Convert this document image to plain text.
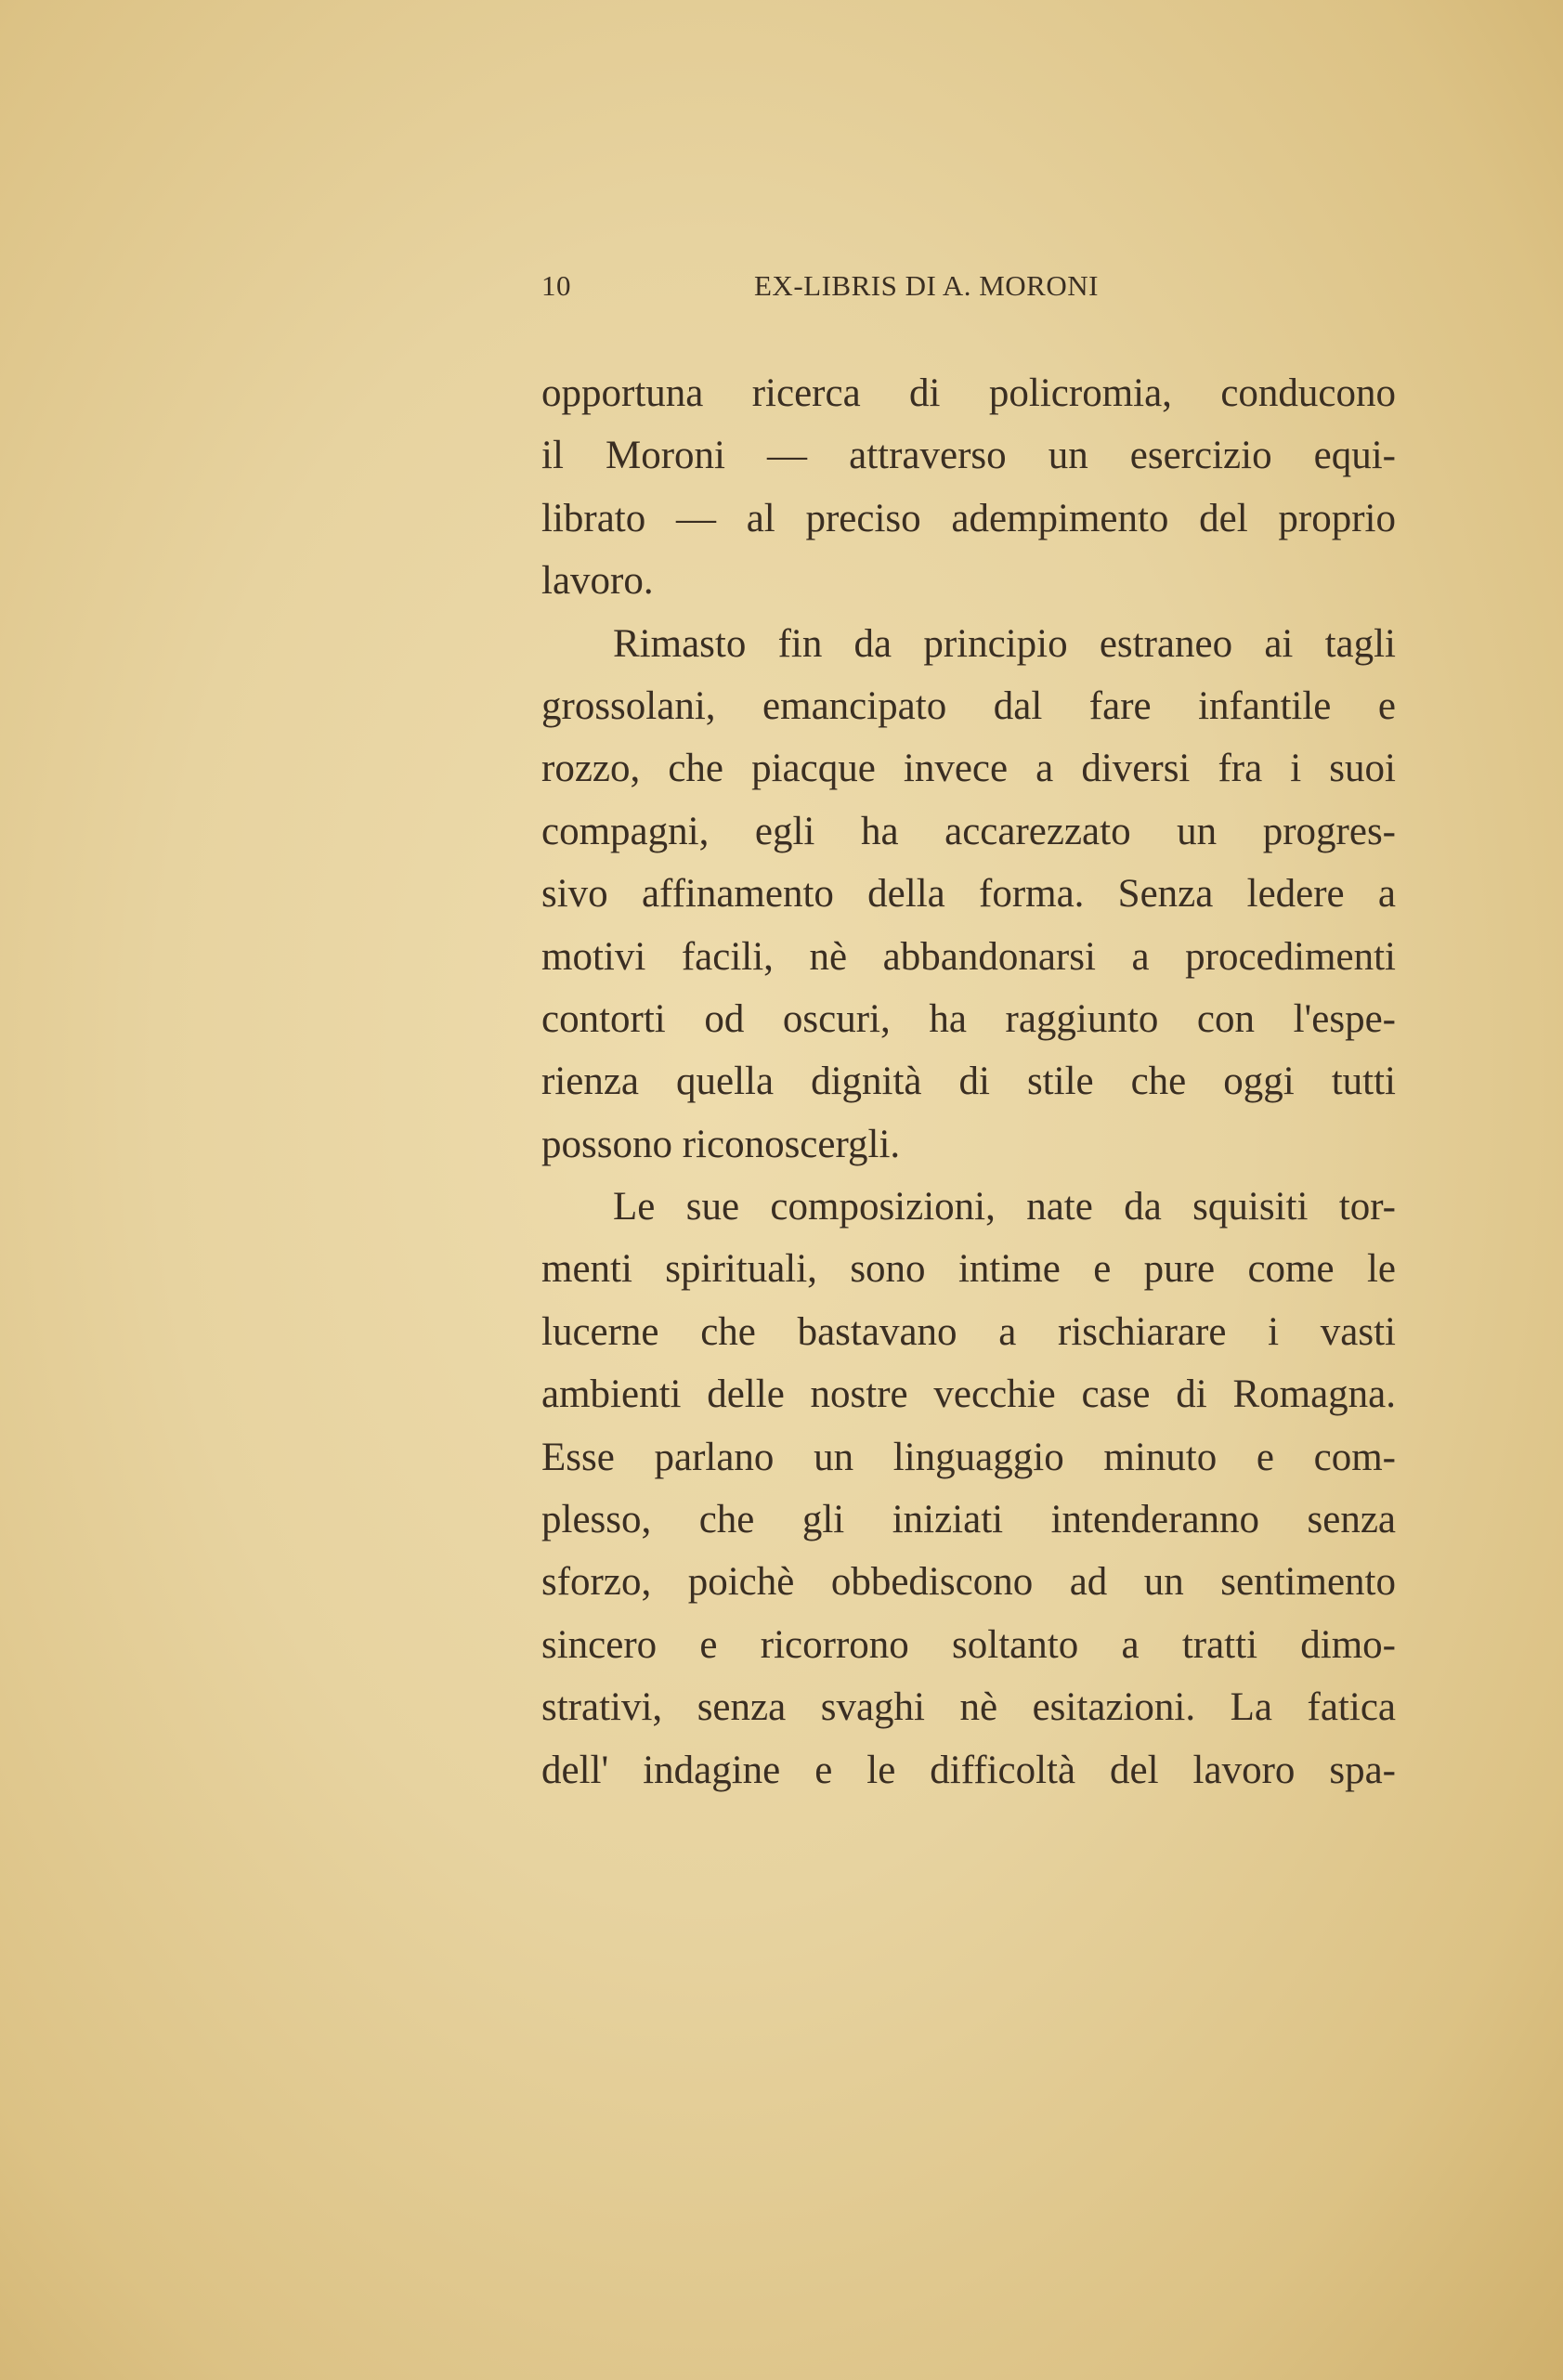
10	EX-LIBRIS DI A. MORONI
opportuna ricerca di policromia, conducono
il Moroni — attraverso un esercizio equi-
librato — al preciso adempimento del proprio
lavoro.
Rimasto fin da principio estraneo ai tagli
grossolani, emancipato dal fare infantile e
rozzo, che piacque invece a diversi fra i suoi
compagni, egli ha accarezzato un progres-
sivo affinamento della forma. Senza ledere a
motivi facili, nè abbandonarsi a procedimenti
contorti od oscuri, ha raggiunto con l'espe-
rienza quella dignità di stile che oggi tutti
possono riconoscergli.
Le sue composizioni, nate da squisiti tor-
menti spirituali, sono intime e pure come le
lucerne che bastavano a rischiarare i vasti
ambienti delle nostre vecchie case di Romagna.
Esse parlano un linguaggio minuto e com-
plesso, che gli iniziati intenderanno senza
sforzo, poichè obbediscono ad un sentimento
sincero e ricorrono soltanto a tratti dimo-
strativi, senza svaghi nè esitazioni. La fatica
dell' indagine e le difficoltà del lavoro spa-
